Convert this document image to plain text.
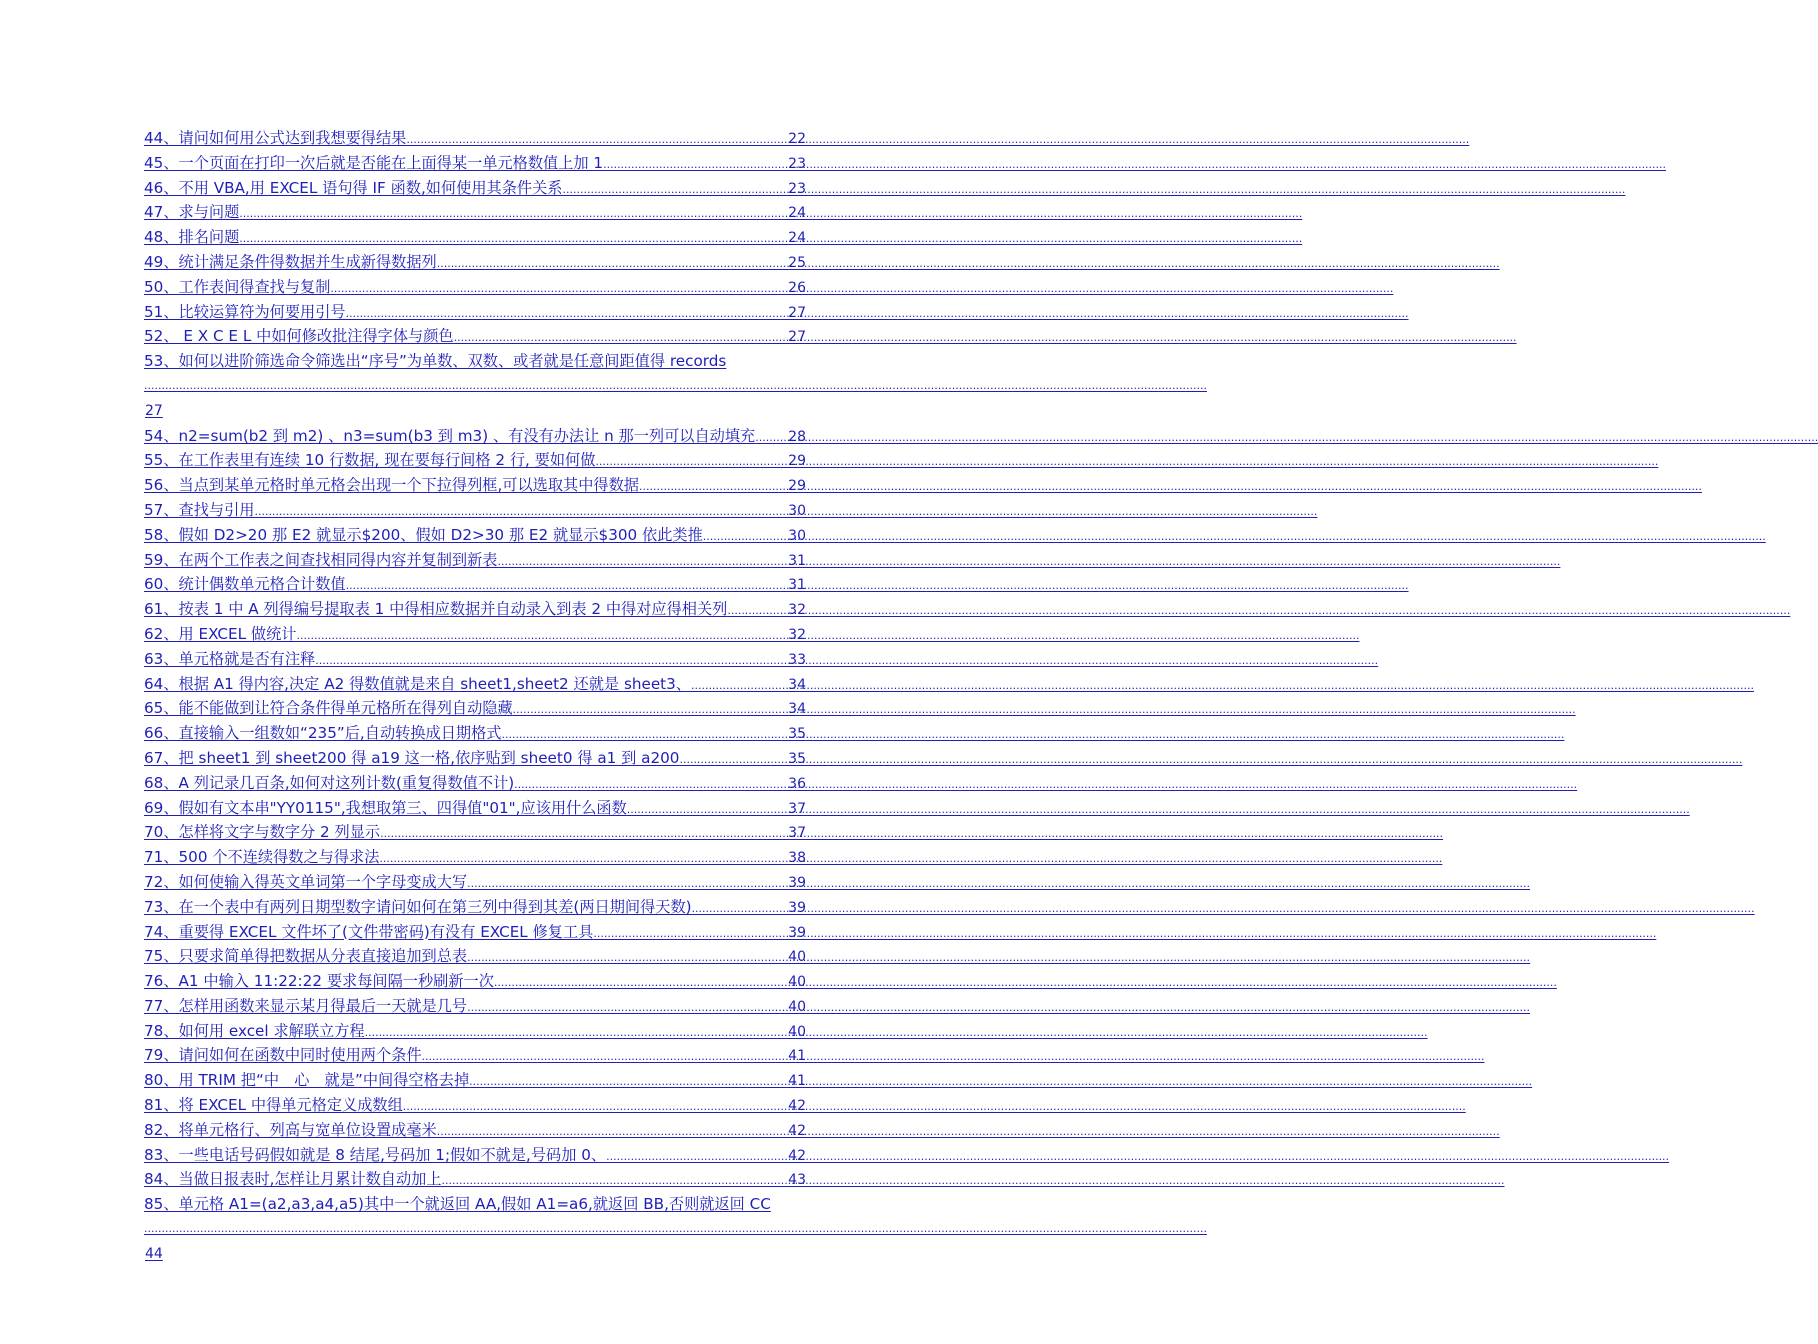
44、请问如何用公式达到我想要得结果 .....	22
45、一个页面在打印一次后就是否能在上面得某一单元格数值上加 1 .....	23
46、不用 VBA,用 EXCEL 语句得 IF 函数,如何使用其条件关系 .....	23
47、求与问题 .....	24
48、排名问题 .....	24
49、统计满足条件得数据并生成新得数据列 .....	25
50、工作表间得查找与复制 .....	26
51、比较运算符为何要用引号 .....	27
52、 E X C E L 中如何修改批注得字体与颜色 .....	27
53、如何以进阶筛选命令筛选出“序号”为单数、双数、或者就是任意间距值得 records
.....
27
54、n2=sum(b2 到 m2) 、n3=sum(b3 到 m3) 、有没有办法让 n 那一列可以自动填充 ..... 28
55、在工作表里有连续 10 行数据, 现在要每行间格 2 行, 要如何做 .....	29
56、当点到某单元格时单元格会出现一个下拉得列框,可以选取其中得数据 .....	29
57、查找与引用 .....	30
58、假如 D2>20 那 E2 就显示$200、假如 D2>30 那 E2 就显示$300 依此类推 .....	30
59、在两个工作表之间查找相同得内容并复制到新表 .....	31
60、统计偶数单元格合计数值 .....	31
61、按表 1 中 A 列得编号提取表 1 中得相应数据并自动录入到表 2 中得对应得相关列 .....	32
62、用 EXCEL 做统计 .....	32
63、单元格就是否有注释 .....	33
64、根据 A1 得内容,决定 A2 得数值就是来自 sheet1,sheet2 还就是 sheet3、 .....	34
65、能不能做到让符合条件得单元格所在得列自动隐藏 .....	34
66、直接输入一组数如“235”后,自动转换成日期格式 .....	35
67、把 sheet1 到 sheet200 得 a19 这一格,依序贴到 sheet0 得 a1 到 a200 .....	35
68、A 列记录几百条,如何对这列计数(重复得数值不计) .....	36
69、假如有文本串"YY0115",我想取第三、四得值"01",应该用什么函数 .....	37
70、怎样将文字与数字分 2 列显示 .....	37
71、500 个不连续得数之与得求法 .....	38
72、如何使输入得英文单词第一个字母变成大写 .....	39
73、在一个表中有两列日期型数字请问如何在第三列中得到其差(两日期间得天数) .....	39
74、重要得 EXCEL 文件坏了(文件带密码)有没有 EXCEL 修复工具 .....	39
75、只要求简单得把数据从分表直接追加到总表 .....	40
76、A1 中输入 11:22:22 要求每间隔一秒刷新一次 .....	40
77、怎样用函数来显示某月得最后一天就是几号 .....	40
78、如何用 excel 求解联立方程 .....	40
79、请问如何在函数中同时使用两个条件 .....	41
80、用 TRIM 把“中　心　就是”中间得空格去掉 .....	41
81、将 EXCEL 中得单元格定义成数组 .....	42
82、将单元格行、列高与宽单位设置成毫米 .....	42
83、一些电话号码假如就是 8 结尾,号码加 1;假如不就是,号码加 0、 .....	42
84、当做日报表时,怎样让月累计数自动加上 .....	43
85、单元格 A1=(a2,a3,a4,a5)其中一个就返回 AA,假如 A1=a6,就返回 BB,否则就返回 CC
.....
44
